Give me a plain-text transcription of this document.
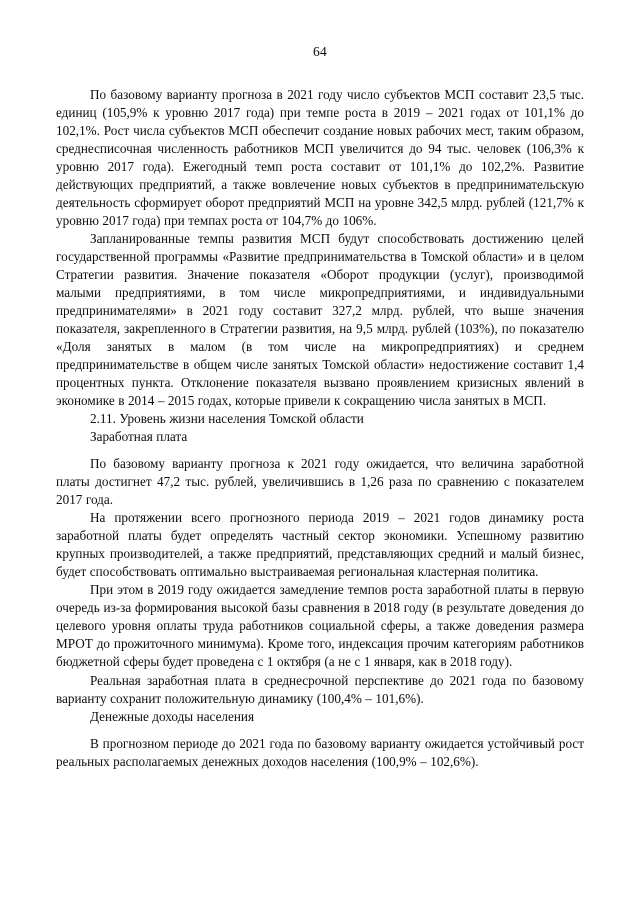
64

По базовому варианту прогноза в 2021 году число субъектов МСП составит 23,5 тыс. единиц (105,9% к уровню 2017 года) при темпе роста в 2019 – 2021 годах от 101,1% до 102,1%. Рост числа субъектов МСП обеспечит создание новых рабочих мест, таким образом, среднесписочная численность работников МСП увеличится до 94 тыс. человек (106,3% к уровню 2017 года). Ежегодный темп роста составит от 101,1% до 102,2%. Развитие действующих предприятий, а также вовлечение новых субъектов в предпринимательскую деятельность сформирует оборот предприятий МСП на уровне 342,5 млрд. рублей (121,7% к уровню 2017 года) при темпах роста от 104,7% до 106%.

Запланированные темпы развития МСП будут способствовать достижению целей государственной программы «Развитие предпринимательства в Томской области» и в целом Стратегии развития. Значение показателя «Оборот продукции (услуг), производимой малыми предприятиями, в том числе микропредприятиями, и индивидуальными предпринимателями» в 2021 году составит 327,2 млрд. рублей, что выше значения показателя, закрепленного в Стратегии развития, на 9,5 млрд. рублей (103%), по показателю «Доля занятых в малом (в том числе на микропредприятиях) и среднем предпринимательстве в общем числе занятых Томской области» недостижение составит 1,4 процентных пункта. Отклонение показателя вызвано проявлением кризисных явлений в экономике в 2014 – 2015 годах, которые привели к сокращению числа занятых в МСП.

2.11. Уровень жизни населения Томской области

Заработная плата

По базовому варианту прогноза к 2021 году ожидается, что величина заработной платы достигнет 47,2 тыс. рублей, увеличившись в 1,26 раза по сравнению с показателем 2017 года.

На протяжении всего прогнозного периода 2019 – 2021 годов динамику роста заработной платы будет определять частный сектор экономики. Успешному развитию крупных производителей, а также предприятий, представляющих средний и малый бизнес, будет способствовать оптимально выстраиваемая региональная кластерная политика.

При этом в 2019 году ожидается замедление темпов роста заработной платы в первую очередь из-за формирования высокой базы сравнения в 2018 году (в результате доведения до целевого уровня оплаты труда работников социальной сферы, а также доведения размера МРОТ до прожиточного минимума). Кроме того, индексация прочим категориям работников бюджетной сферы будет проведена с 1 октября (а не с 1 января, как в 2018 году).

Реальная заработная плата в среднесрочной перспективе до 2021 года по базовому варианту сохранит положительную динамику (100,4% – 101,6%).

Денежные доходы населения

В прогнозном периоде до 2021 года по базовому варианту ожидается устойчивый рост реальных располагаемых денежных доходов населения (100,9% – 102,6%).
